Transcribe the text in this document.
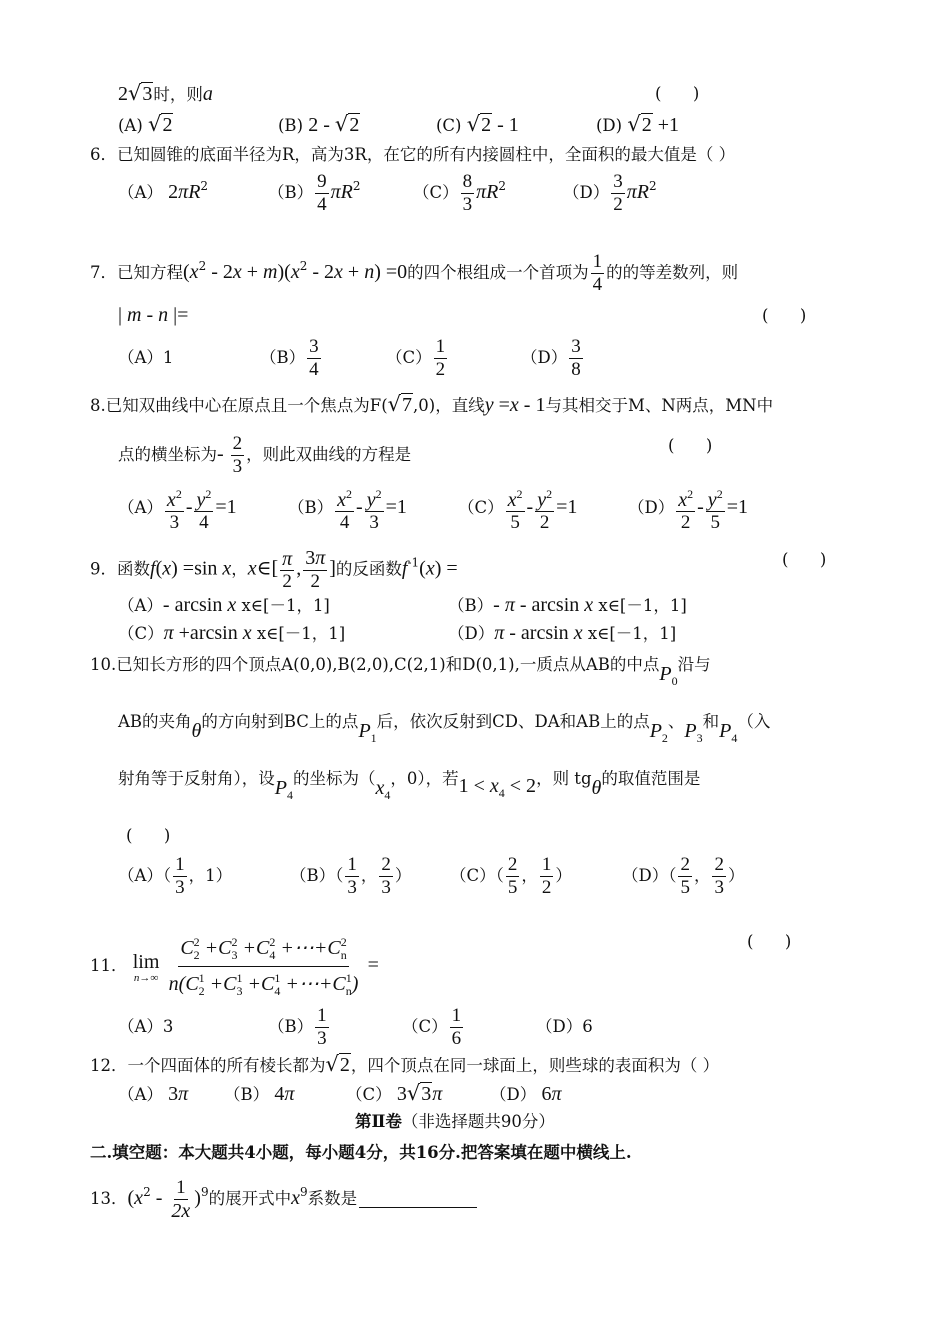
2√3时，则a	(      )
(A) √2	(B) 2 - √2	(C) √2 - 1	(D) √2 +1
6．已知圆锥的底面半径为R，高为3R，在它的所有内接圆柱中，全面积的最大值是（ ）
（A） $2\pi R^2$	$(B) \frac{9}{4} \pi R^2$	$(C) \frac{8}{3} \pi R^2$	$(D) \frac{3}{2} \pi R^2$
7．已知方程$(x^2 - 2x + m)(x^2 - 2x + n) =0$的四个根组成一个首项为 $\frac{1}{4}$ 的的等差数列，则
| m - n |=	(      )
（A）1	$(B) \frac{3}{4}$	$(C) \frac{1}{2}$	$(D) \frac{3}{8}$
8.已知双曲线中心在原点且一个焦点为F(√7,0)，直线y =x - 1与其相交于M、N两点，MN中
点的横坐标为- $\frac{2}{3}$ ，则此双曲线的方程是	(      )
$(A) \frac{x^2}{3} - \frac{y^2}{4} =1$	$(B) \frac{x^2}{4} - \frac{y^2}{3} =1$	$(C) \frac{x^2}{5} - \frac{y^2}{2} =1$	$(D) \frac{x^2}{2} - \frac{y^2}{5} =1$
9．函数f(x) =sin x，x∈[ $\frac{\pi}{2}$ , $\frac{3\pi}{2}$ ]的反函数$f^{-1}(x)$ =	(      )
（A）- arcsin x x∈[－1，1]	（B）- π - arcsin x x∈[－1，1]
（C）π +arcsin x x∈[－1，1]	（D）π - arcsin x x∈[－1，1]
10.已知长方形的四个顶点A(0,0),B(2,0),C(2,1)和D(0,1),一质点从AB的中点$P_0$沿与
AB的夹角θ的方向射到BC上的点$P_1$后，依次反射到CD、DA和AB上的点$P_2$、$P_3$和$P_4$（入
射角等于反射角），设$P_4$的坐标为（$x_4$，0），若$1 < x_4 < 2$，则 tgθ的取值范围是
(      )
$(A)( \frac{1}{3}$ ，1）	$(B)( \frac{1}{3}$ ， $\frac{2}{3}$ ） $(C)( \frac{2}{5}$ ， $\frac{1}{2}$ ）	$(D)( \frac{2}{5}$ ， $\frac{2}{3}$ ）
11． lim
n→∞
$\frac{C_2^2 +C_3^2 +C_4^2 +\cdots+C_n^2}{n(C_2^1 +C_3^1 +C_4^1 +\cdots+C_n^1)}$ =
(      )
（A）3	$(B) \frac{1}{3}$	$(C) \frac{1}{6}$	（D）6
12．一个四面体的所有棱长都为√2，四个顶点在同一球面上，则些球的表面积为（ ）
（A） 3π （B） 4π	（C） 3√3π	（D） 6π
第Ⅱ卷（非选择题共90分）
二.填空题：本大题共4小题，每小题4分，共16分.把答案填在题中横线上.
13．$(x^2 - \frac{1}{2x} )^9$的展开式中$x^9$系数是
